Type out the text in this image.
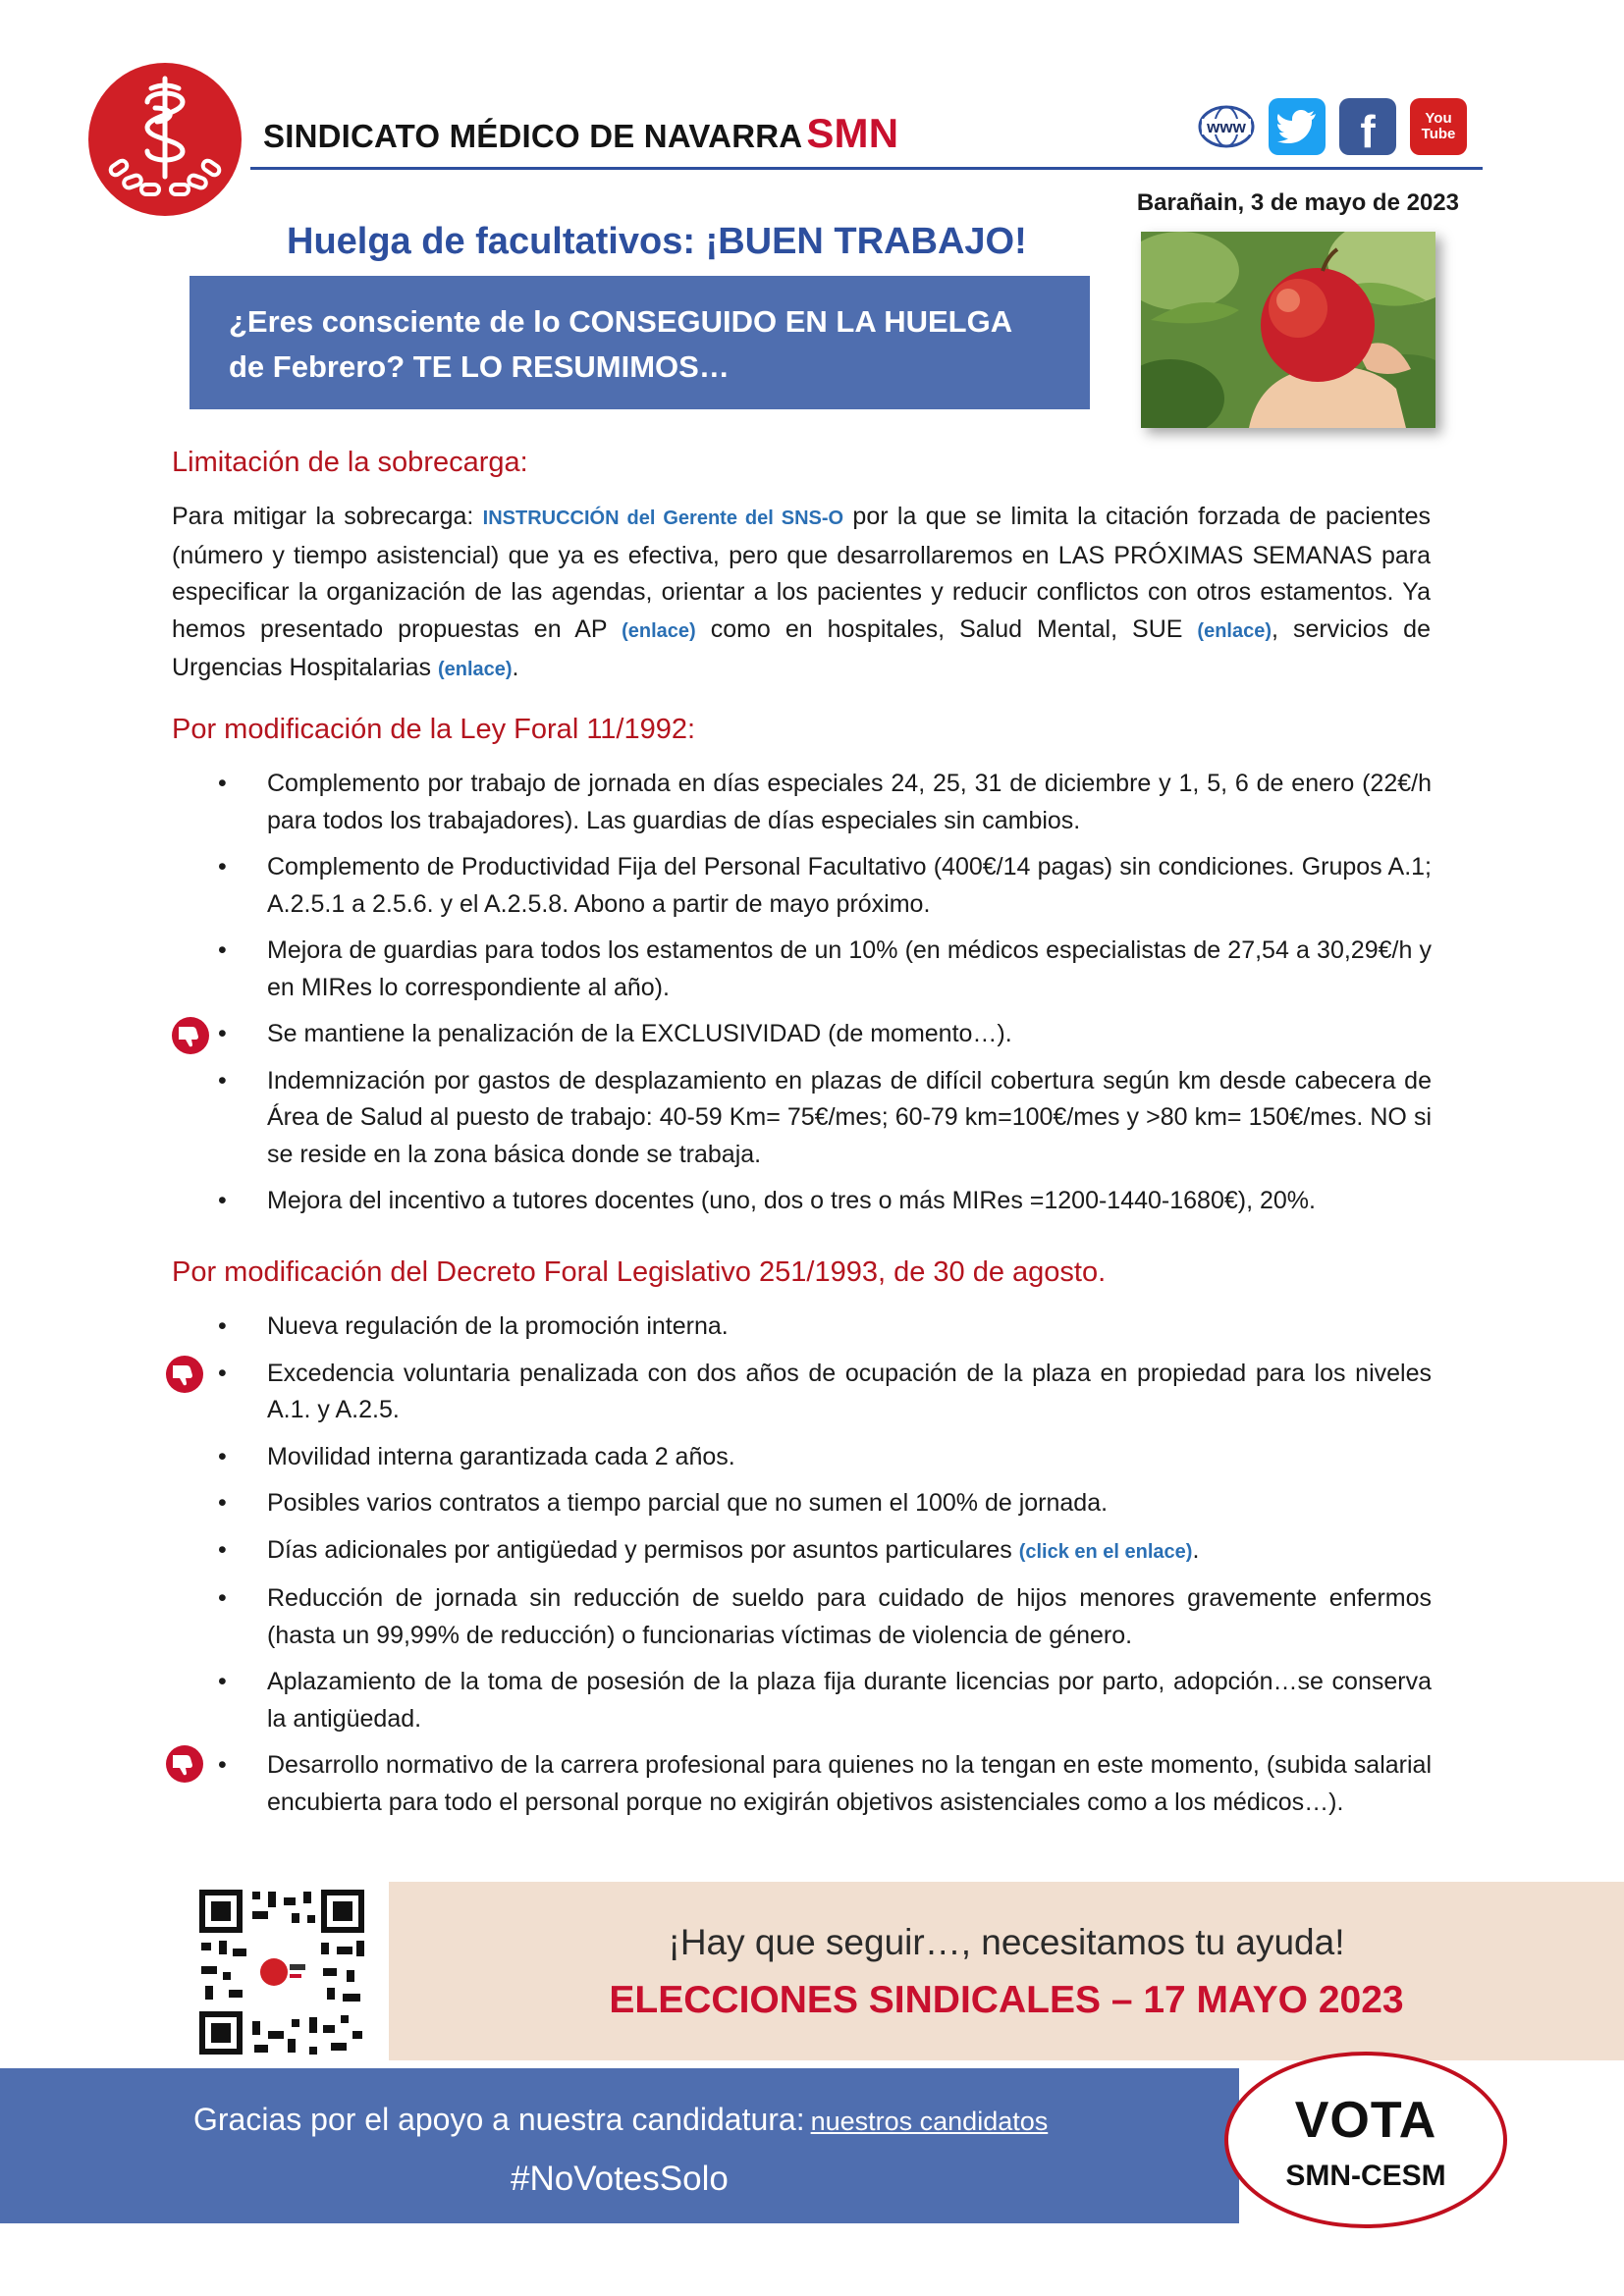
SINDICATO MÉDICO DE NAVARRASMN	www	f	You Tube
Barañain, 3 de mayo de 2023
Huelga de facultativos: ¡BUEN TRABAJO!
¿Eres consciente de lo CONSEGUIDO EN LA HUELGA
de Febrero? TE LO RESUMIMOS…
Limitación de la sobrecarga:
Para mitigar la sobrecarga: INSTRUCCIÓN del Gerente del SNS-O por la que se limita la citación forzada de pacientes (número y tiempo asistencial) que ya es efectiva, pero que desarrollaremos en LAS PRÓXIMAS SEMANAS para especificar la organización de las agendas, orientar a los pacientes y reducir conflictos con otros estamentos. Ya hemos presentado propuestas en AP (enlace) como en hospitales, Salud Mental, SUE (enlace), servicios de Urgencias Hospitalarias (enlace).
Por modificación de la Ley Foral 11/1992:
• Complemento por trabajo de jornada en días especiales 24, 25, 31 de diciembre y 1, 5, 6 de enero (22€/h para todos los trabajadores). Las guardias de días especiales sin cambios.
• Complemento de Productividad Fija del Personal Facultativo (400€/14 pagas) sin condiciones. Grupos A.1; A.2.5.1 a 2.5.6. y el A.2.5.8. Abono a partir de mayo próximo.
• Mejora de guardias para todos los estamentos de un 10% (en médicos especialistas de 27,54 a 30,29€/h y en MIRes lo correspondiente al año).
• Se mantiene la penalización de la EXCLUSIVIDAD (de momento…).
• Indemnización por gastos de desplazamiento en plazas de difícil cobertura según km desde cabecera de Área de Salud al puesto de trabajo: 40-59 Km= 75€/mes; 60-79 km=100€/mes y >80 km= 150€/mes. NO si se reside en la zona básica donde se trabaja.
• Mejora del incentivo a tutores docentes (uno, dos o tres o más MIRes =1200-1440-1680€), 20%.
Por modificación del Decreto Foral Legislativo 251/1993, de 30 de agosto.
• Nueva regulación de la promoción interna.
• Excedencia voluntaria penalizada con dos años de ocupación de la plaza en propiedad para los niveles A.1. y A.2.5.
• Movilidad interna garantizada cada 2 años.
• Posibles varios contratos a tiempo parcial que no sumen el 100% de jornada.
• Días adicionales por antigüedad y permisos por asuntos particulares (click en el enlace).
• Reducción de jornada sin reducción de sueldo para cuidado de hijos menores gravemente enfermos (hasta un 99,99% de reducción) o funcionarias víctimas de violencia de género.
• Aplazamiento de la toma de posesión de la plaza fija durante licencias por parto, adopción…se conserva la antigüedad.
• Desarrollo normativo de la carrera profesional para quienes no la tengan en este momento, (subida salarial encubierta para todo el personal porque no exigirán objetivos asistenciales como a los médicos…).
¡Hay que seguir…, necesitamos tu ayuda!
ELECCIONES SINDICALES – 17 MAYO 2023
Gracias por el apoyo a nuestra candidatura: nuestros candidatos
#NoVotesSolo
VOTA
SMN-CESM
